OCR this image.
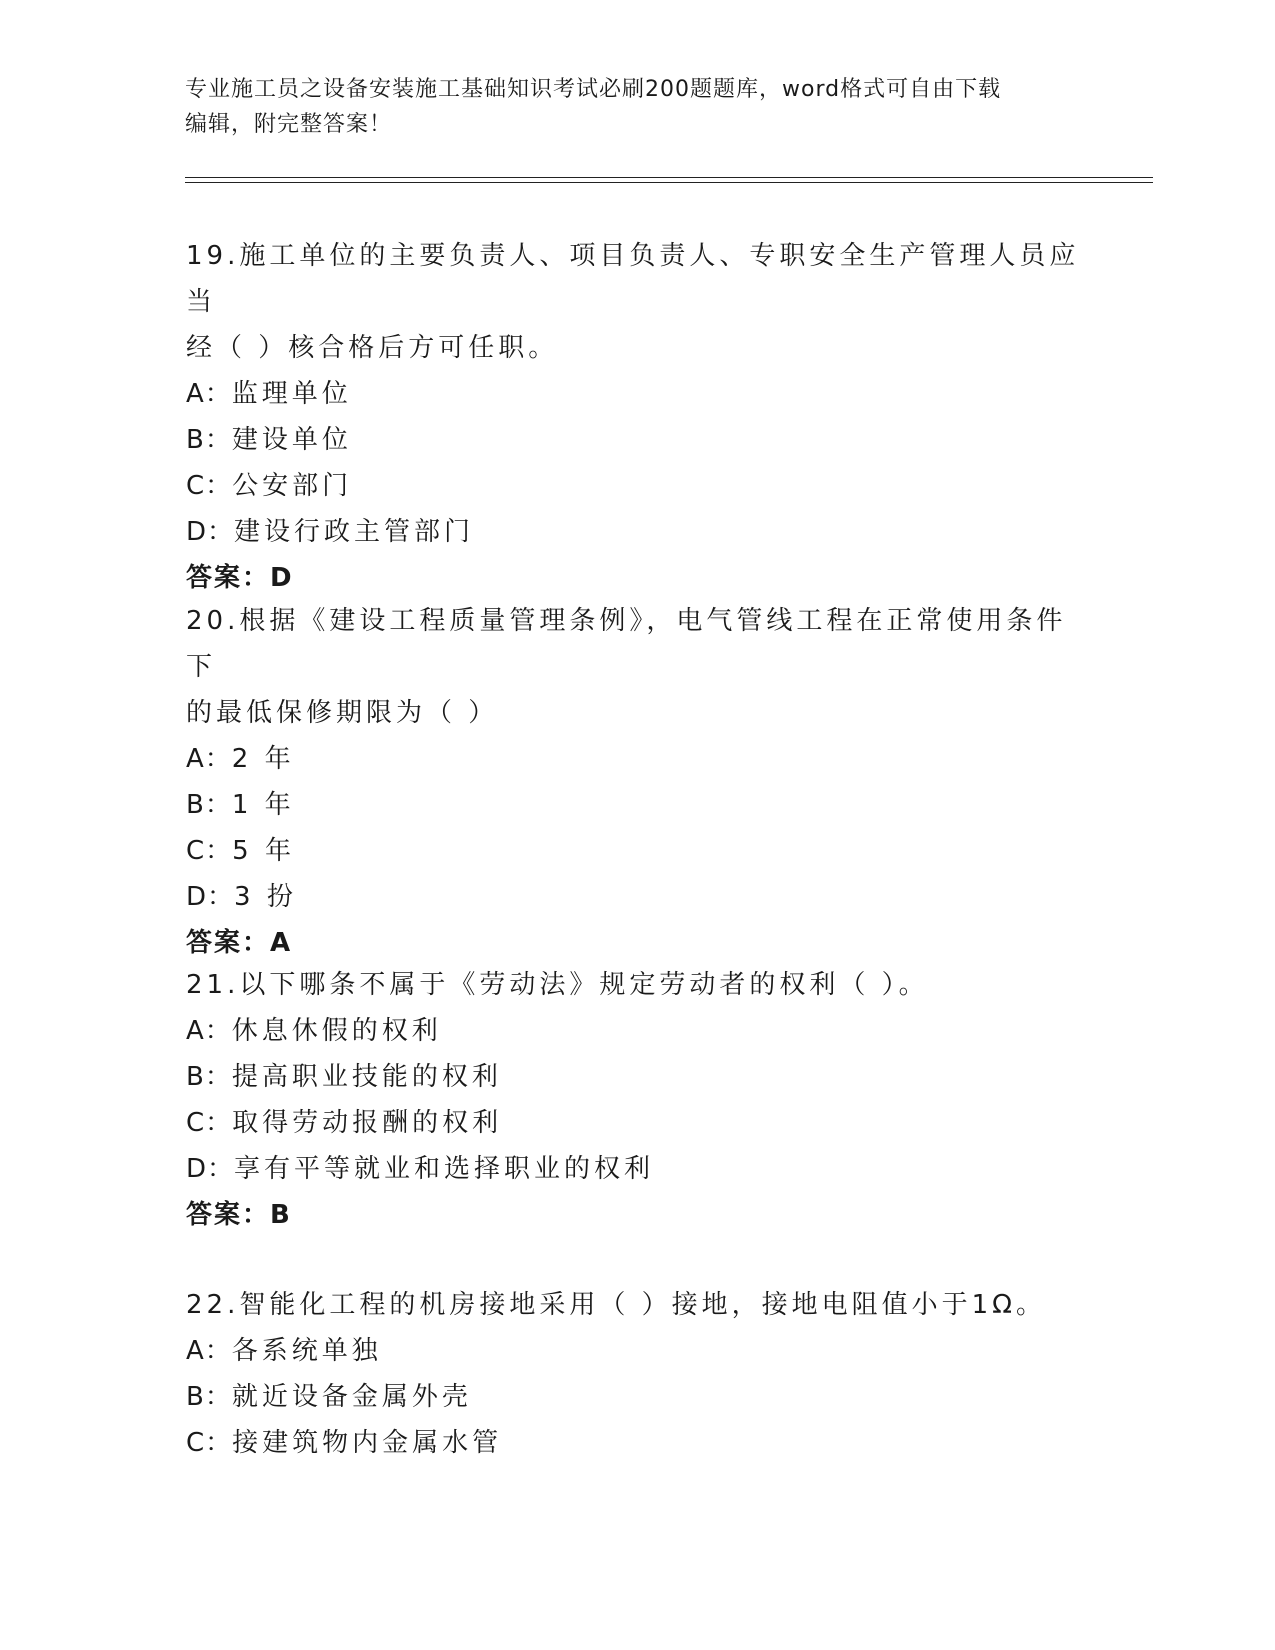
专业施工员之设备安装施工基础知识考试必刷200题题库，word格式可自由下载
编辑，附完整答案！

19.施工单位的主要负责人、项目负责人、专职安全生产管理人员应当

经（ ）核合格后方可任职。

A：监理单位

B：建设单位

C：公安部门

D：建设行政主管部门

答案：D

20.根据《建设工程质量管理条例》，电气管线工程在正常使用条件下

的最低保修期限为（ ）

A：2 年

B：1 年

C：5 年

D：3 扮

答案：A

21.以下哪条不属于《劳动法》规定劳动者的权利（ ）。

A：休息休假的权利

B：提高职业技能的权利

C：取得劳动报酬的权利

D：享有平等就业和选择职业的权利

答案：B

22.智能化工程的机房接地采用（ ）接地，接地电阻值小于1Ω。

A：各系统单独

B：就近设备金属外壳

C：接建筑物内金属水管
